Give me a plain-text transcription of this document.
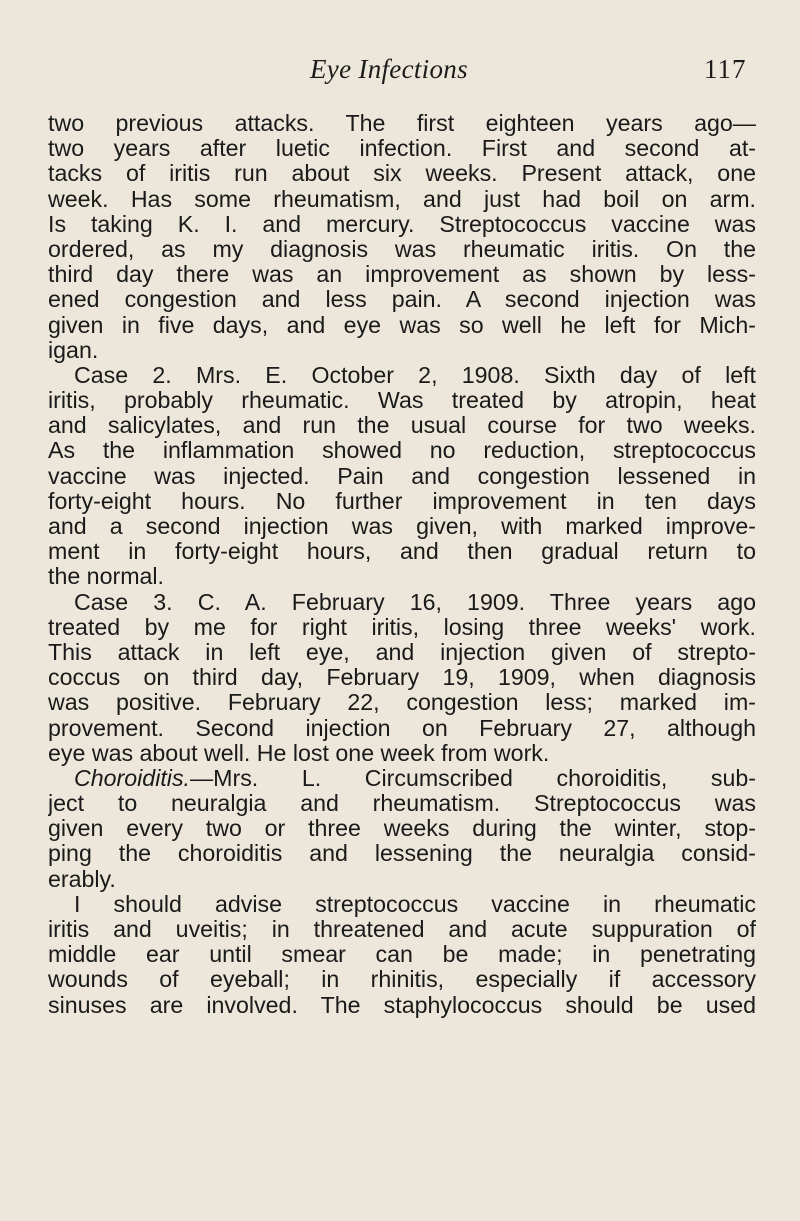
Eye Infections	117
two previous attacks. The first eighteen years ago—
two years after luetic infection. First and second at-
tacks of iritis run about six weeks. Present attack, one
week. Has some rheumatism, and just had boil on arm.
Is taking K. I. and mercury. Streptococcus vaccine was
ordered, as my diagnosis was rheumatic iritis. On the
third day there was an improvement as shown by less-
ened congestion and less pain. A second injection was
given in five days, and eye was so well he left for Mich-
igan.
Case 2. Mrs. E. October 2, 1908. Sixth day of left
iritis, probably rheumatic. Was treated by atropin, heat
and salicylates, and run the usual course for two weeks.
As the inflammation showed no reduction, streptococcus
vaccine was injected. Pain and congestion lessened in
forty-eight hours. No further improvement in ten days
and a second injection was given, with marked improve-
ment in forty-eight hours, and then gradual return to
the normal.
Case 3. C. A. February 16, 1909. Three years ago
treated by me for right iritis, losing three weeks' work.
This attack in left eye, and injection given of strepto-
coccus on third day, February 19, 1909, when diagnosis
was positive. February 22, congestion less; marked im-
provement. Second injection on February 27, although
eye was about well. He lost one week from work.
Choroiditis.—Mrs. L. Circumscribed choroiditis, sub-
ject to neuralgia and rheumatism. Streptococcus was
given every two or three weeks during the winter, stop-
ping the choroiditis and lessening the neuralgia consid-
erably.
I should advise streptococcus vaccine in rheumatic
iritis and uveitis; in threatened and acute suppuration of
middle ear until smear can be made; in penetrating
wounds of eyeball; in rhinitis, especially if accessory
sinuses are involved. The staphylococcus should be used
